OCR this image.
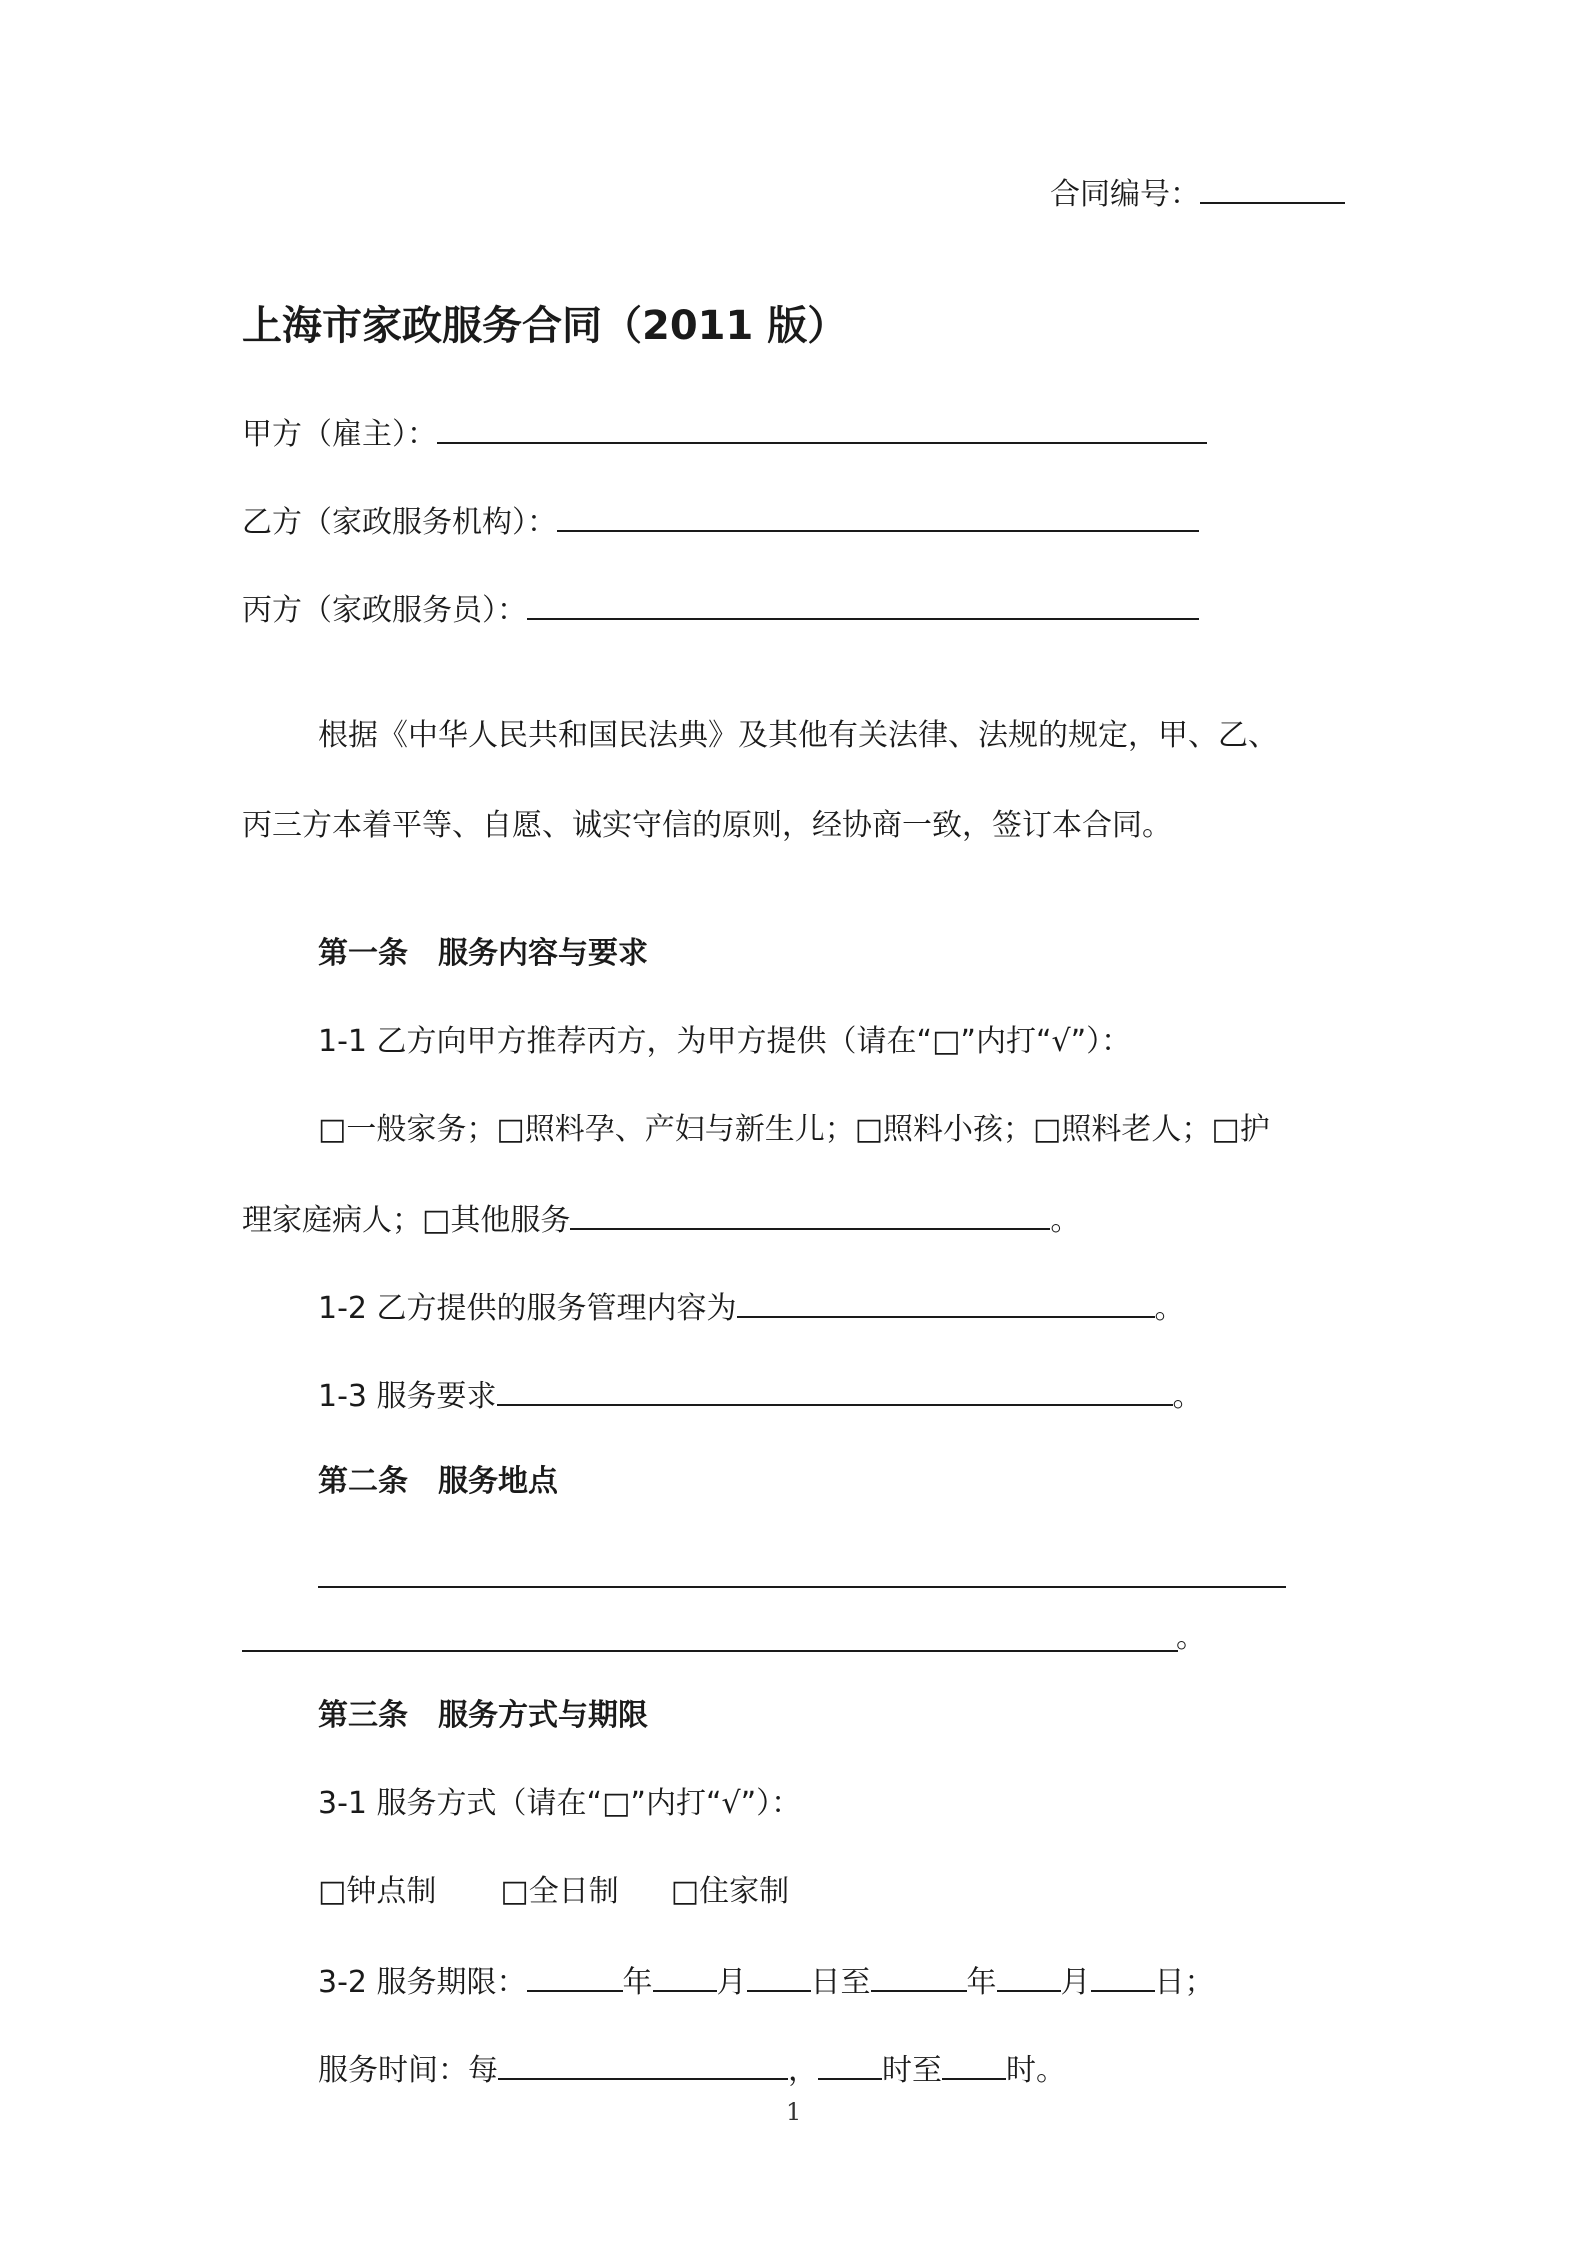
合同编号：
上海市家政服务合同（2011 版）
甲方（雇主）：
乙方（家政服务机构）：
丙方（家政服务员）：
根据《中华人民共和国民法典》及其他有关法律、法规的规定，甲、乙、
丙三方本着平等、自愿、诚实守信的原则，经协商一致，签订本合同。
第一条　服务内容与要求
1-1 乙方向甲方推荐丙方，为甲方提供（请在“□”内打“√”）：
□一般家务；□照料孕、产妇与新生儿；□照料小孩；□照料老人；□护
理家庭病人；□其他服务	。
1-2 乙方提供的服务管理内容为	。
1-3 服务要求	。
第二条　服务地点
。
第三条　服务方式与期限
3-1 服务方式（请在“□”内打“√”）：
□钟点制 □全日制 □住家制
3-2 服务期限：	年 月 日至	年 月 日；
服务时间：每	， 时至 时。
1
